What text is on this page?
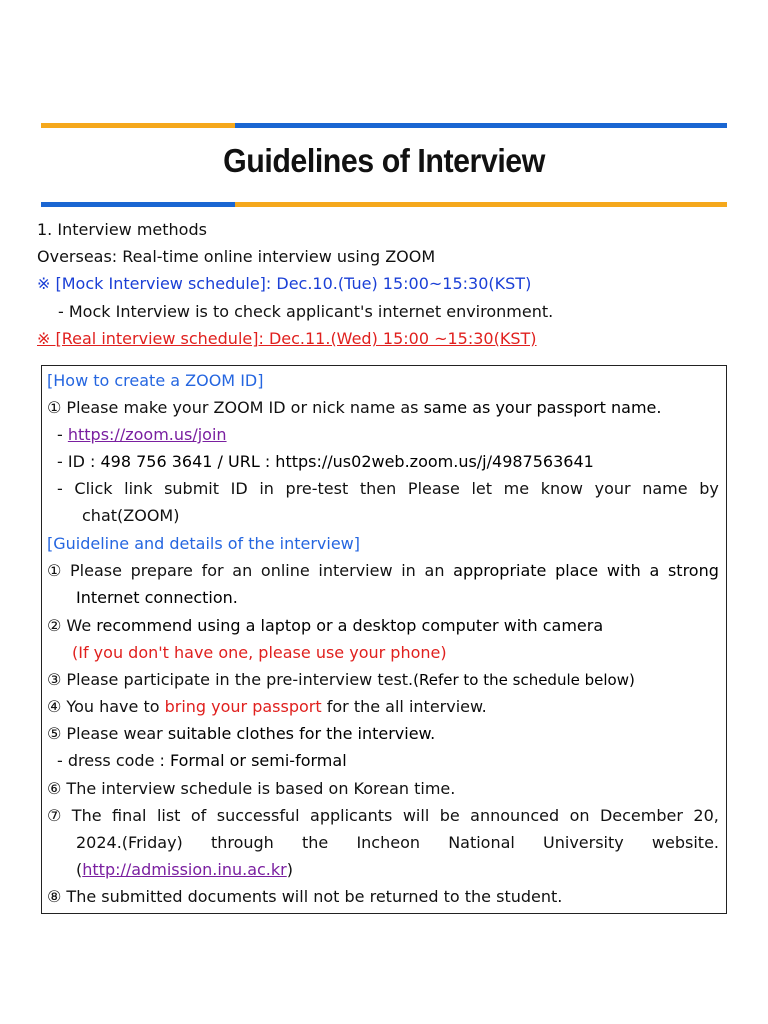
Guidelines of Interview
1. Interview methods
Overseas: Real-time online interview using ZOOM
※ [Mock Interview schedule]: Dec.10.(Tue) 15:00~15:30(KST)
- Mock Interview is to check applicant's internet environment.
※ [Real interview schedule]: Dec.11.(Wed) 15:00 ~15:30(KST)
[How to create a ZOOM ID]
① Please make your ZOOM ID or nick name as same as your passport name.
- https://zoom.us/join
- ID : 498 756 3641 / URL : https://us02web.zoom.us/j/4987563641
- Click link submit ID in pre-test then Please let me know your name by
chat(ZOOM)
[Guideline and details of the interview]
① Please prepare for an online interview in an appropriate place with a strong
Internet connection.
② We recommend using a laptop or a desktop computer with camera
(If you don't have one, please use your phone)
③ Please participate in the pre-interview test.(Refer to the schedule below)
④ You have to bring your passport for the all interview.
⑤ Please wear suitable clothes for the interview.
- dress code : Formal or semi-formal
⑥ The interview schedule is based on Korean time.
⑦ The final list of successful applicants will be announced on December 20,
2024.(Friday) through the Incheon National University website.
(http://admission.inu.ac.kr)
⑧ The submitted documents will not be returned to the student.
